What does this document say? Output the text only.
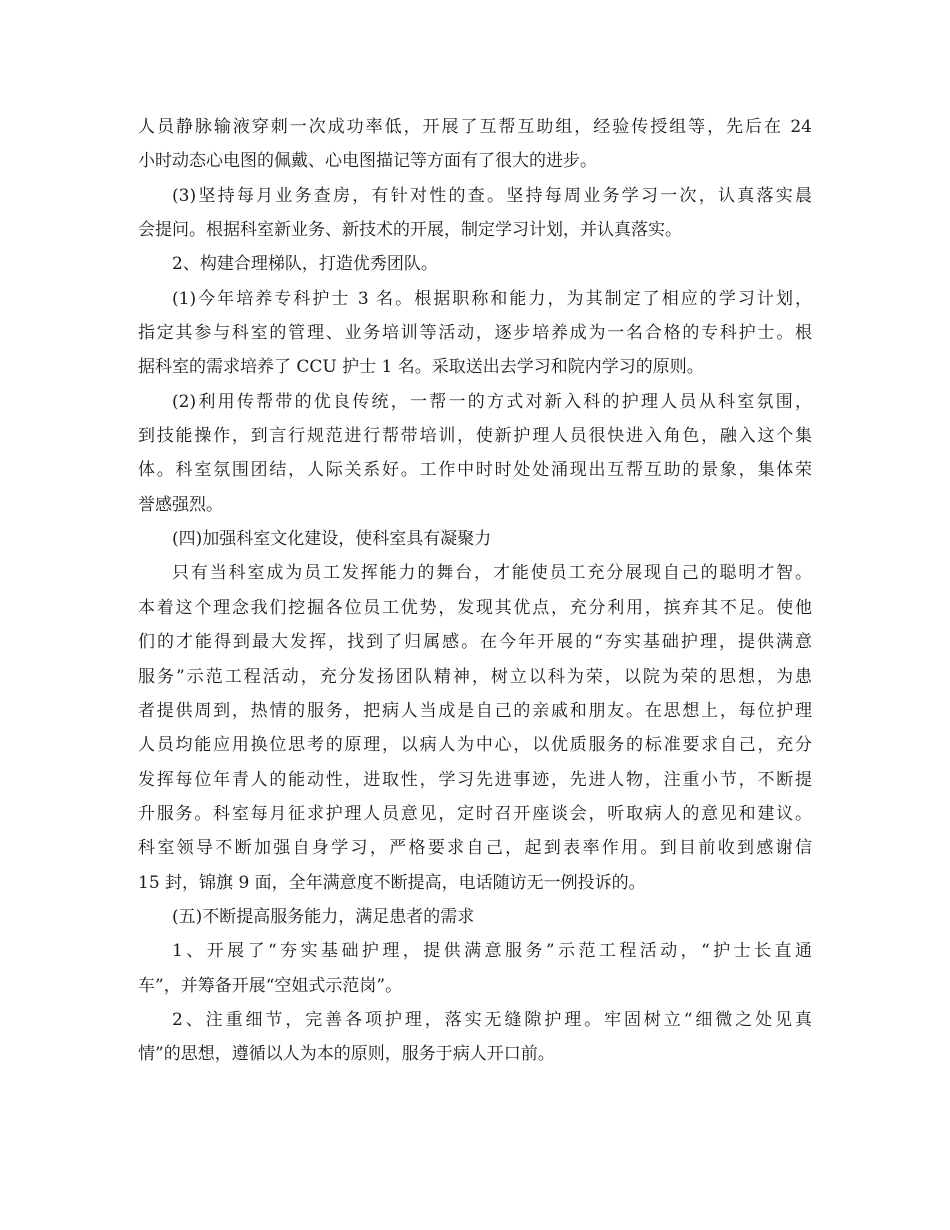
人员静脉输液穿刺一次成功率低，开展了互帮互助组，经验传授组等，先后在 24
小时动态心电图的佩戴、心电图描记等方面有了很大的进步。
(3)坚持每月业务查房，有针对性的查。坚持每周业务学习一次，认真落实晨
会提问。根据科室新业务、新技术的开展，制定学习计划，并认真落实。
2、构建合理梯队，打造优秀团队。
(1)今年培养专科护士 3 名。根据职称和能力，为其制定了相应的学习计划，
指定其参与科室的管理、业务培训等活动，逐步培养成为一名合格的专科护士。根
据科室的需求培养了 CCU 护士 1 名。采取送出去学习和院内学习的原则。
(2)利用传帮带的优良传统，一帮一的方式对新入科的护理人员从科室氛围，
到技能操作，到言行规范进行帮带培训，使新护理人员很快进入角色，融入这个集
体。科室氛围团结，人际关系好。工作中时时处处涌现出互帮互助的景象，集体荣
誉感强烈。
(四)加强科室文化建设，使科室具有凝聚力
只有当科室成为员工发挥能力的舞台，才能使员工充分展现自己的聪明才智。
本着这个理念我们挖掘各位员工优势，发现其优点，充分利用，摈弃其不足。使他
们的才能得到最大发挥，找到了归属感。在今年开展的“夯实基础护理，提供满意
服务”示范工程活动，充分发扬团队精神，树立以科为荣，以院为荣的思想，为患
者提供周到，热情的服务，把病人当成是自己的亲戚和朋友。在思想上，每位护理
人员均能应用换位思考的原理，以病人为中心，以优质服务的标准要求自己，充分
发挥每位年青人的能动性，进取性，学习先进事迹，先进人物，注重小节，不断提
升服务。科室每月征求护理人员意见，定时召开座谈会，听取病人的意见和建议。
科室领导不断加强自身学习，严格要求自己，起到表率作用。到目前收到感谢信
15 封，锦旗 9 面，全年满意度不断提高，电话随访无一例投诉的。
(五)不断提高服务能力，满足患者的需求
1、开展了“夯实基础护理，提供满意服务”示范工程活动，“护士长直通
车”，并筹备开展“空姐式示范岗”。
2、注重细节，完善各项护理，落实无缝隙护理。牢固树立“细微之处见真
情”的思想，遵循以人为本的原则，服务于病人开口前。
